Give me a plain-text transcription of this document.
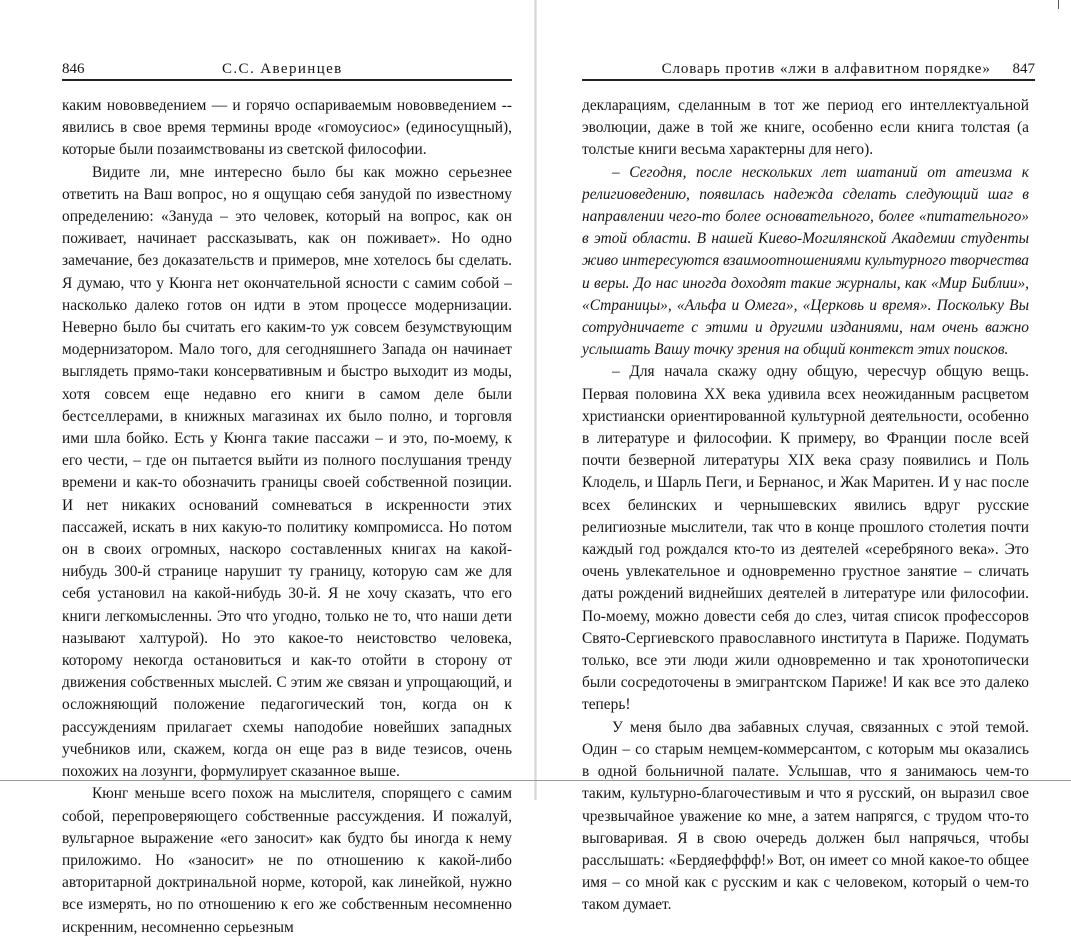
846	С.С. Аверинцев

каким нововведением — и горячо оспариваемым нововведением -- явились в свое время термины вроде «гомоусиос» (единосущный), которые были позаимствованы из светской философии.

Видите ли, мне интересно было бы как можно серьезнее ответить на Ваш вопрос, но я ощущаю себя занудой по известному определению: «Зануда – это человек, который на вопрос, как он поживает, начинает рассказывать, как он поживает». Но одно замечание, без доказательств и примеров, мне хотелось бы сделать. Я думаю, что у Кюнга нет окончательной ясности с самим собой – насколько далеко готов он идти в этом процессе модернизации. Неверно было бы считать его каким-то уж совсем безумствующим модернизатором. Мало того, для сегодняшнего Запада он начинает выглядеть прямо-таки консервативным и быстро выходит из моды, хотя совсем еще недавно его книги в самом деле были бестселлерами, в книжных магазинах их было полно, и торговля ими шла бойко. Есть у Кюнга такие пассажи – и это, по-моему, к его чести, – где он пытается выйти из полного послушания тренду времени и как-то обозначить границы своей собственной позиции. И нет никаких оснований сомневаться в искренности этих пассажей, искать в них какую-то политику компромисса. Но потом он в своих огромных, наскоро составленных книгах на какой-нибудь 300-й странице нарушит ту границу, которую сам же для себя установил на какой-нибудь 30-й. Я не хочу сказать, что его книги легкомысленны. Это что угодно, только не то, что наши дети называют халтурой). Но это какое-то неистовство человека, которому некогда остановиться и как-то отойти в сторону от движения собственных мыслей. С этим же связан и упрощающий, и осложняющий положение педагогический тон, когда он к рассуждениям прилагает схемы наподобие новейших западных учебников или, скажем, когда он еще раз в виде тезисов, очень похожих на лозунги, формулирует сказанное выше.

Кюнг меньше всего похож на мыслителя, спорящего с самим собой, перепроверяющего собственные рассуждения. И пожалуй, вульгарное выражение «его заносит» как будто бы иногда к нему приложимо. Но «заносит» не по отношению к какой-либо авторитарной доктринальной норме, которой, как линейкой, нужно все измерять, но по отношению к его же собственным несомненно искренним, несомненно серьезным

Словарь против «лжи в алфавитном порядке» 847

декларациям, сделанным в тот же период его интеллектуальной эволюции, даже в той же книге, особенно если книга толстая (а толстые книги весьма характерны для него).

– Сегодня, после нескольких лет шатаний от атеизма к религиоведению, появилась надежда сделать следующий шаг в направлении чего-то более основательного, более «питательного» в этой области. В нашей Киево-Могилянской Академии студенты живо интересуются взаимоотношениями культурного творчества и веры. До нас иногда доходят такие журналы, как «Мир Библии», «Страницы», «Альфа и Омега», «Церковь и время». Поскольку Вы сотрудничаете с этими и другими изданиями, нам очень важно услышать Вашу точку зрения на общий контекст этих поисков.

– Для начала скажу одну общую, чересчур общую вещь. Первая половина XX века удивила всех неожиданным расцветом христиански ориентированной культурной деятельности, особенно в литературе и философии. К примеру, во Франции после всей почти безверной литературы XIX века сразу появились и Поль Клодель, и Шарль Пеги, и Бернанос, и Жак Маритен. И у нас после всех белинских и чернышевских явились вдруг русские религиозные мыслители, так что в конце прошлого столетия почти каждый год рождался кто-то из деятелей «серебряного века». Это очень увлекательное и одновременно грустное занятие – сличать даты рождений виднейших деятелей в литературе или философии. По-моему, можно довести себя до слез, читая список профессоров Свято-Сергиевского православного института в Париже. Подумать только, все эти люди жили одновременно и так хронотопически были сосредоточены в эмигрантском Париже! И как все это далеко теперь!

У меня было два забавных случая, связанных с этой темой. Один – со старым немцем-коммерсантом, с которым мы оказались в одной больничной палате. Услышав, что я занимаюсь чем-то таким, культурно-благочестивым и что я русский, он выразил свое чрезвычайное уважение ко мне, а затем напрягся, с трудом что-то выговаривая. Я в свою очередь должен был напрячься, чтобы расслышать: «Бердяефффф!» Вот, он имеет со мной какое-то общее имя – со мной как с русским и как с человеком, который о чем-то таком думает.
